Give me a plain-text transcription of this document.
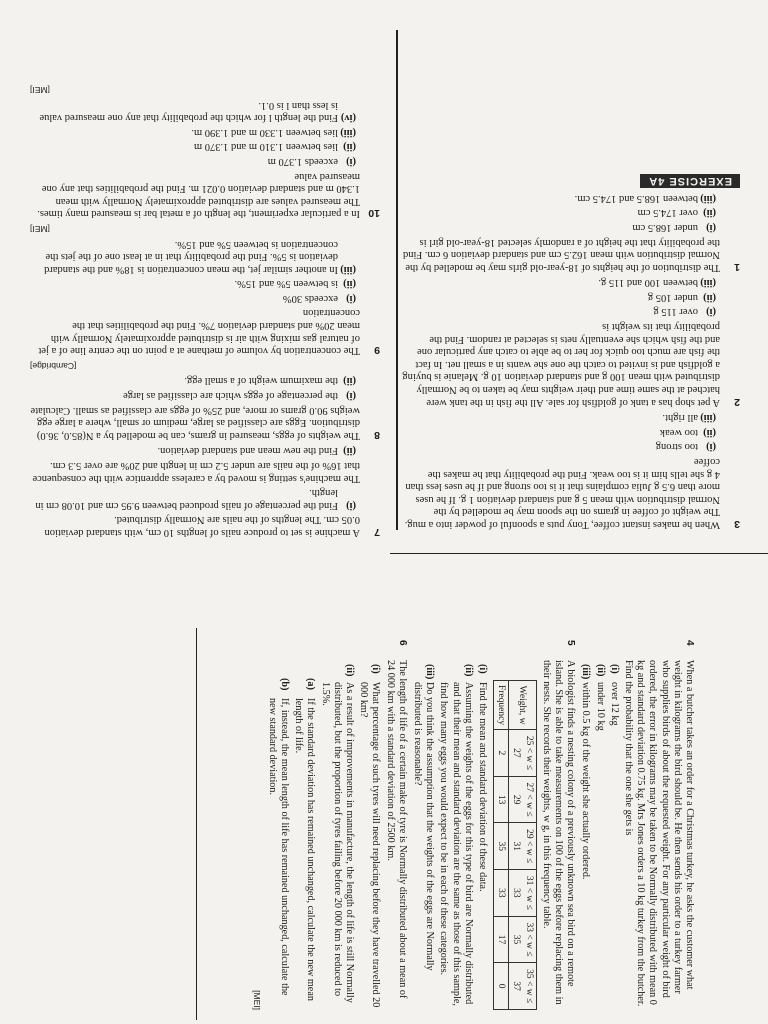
7

A machine is set to produce nails of lengths 10 cm, with standard deviation 0.05 cm. The lengths of the nails are Normally distributed.

(i)

Find the percentage of nails produced between 9.95 cm and 10.08 cm in length.

The machine's setting is moved by a careless apprentice with the consequence that 16% of the nails are under 5.2 cm in length and 20% are over 5.3 cm.

(ii)

Find the new mean and standard deviation.

8

The weights of eggs, measured in grams, can be modelled by a N(85.0, 36.0) distribution. Eggs are classified as large, medium or small, where a large egg weighs 90.0 grams or more, and 25% of eggs are classified as small. Calculate

(i)

the percentage of eggs which are classified as large

(ii)

the maximum weight of a small egg.

[Cambridge]

9

The concentration by volume of methane at a point on the centre line of a jet of natural gas mixing with air is distributed approximately Normally with mean 20% and standard deviation 7%. Find the probabilities that the concentration

(i)

exceeds 30%

(ii)

is between 5% and 15%.

(iii)

In another similar jet, the mean concentration is 18% and the standard deviation is 5%. Find the probability that in at least one of the jets the concentration is between 5% and 15%.

[MEI]

10

In a particular experiment, the length of a metal bar is measured many times. The measured values are distributed approximately Normally with mean 1.340 m and standard deviation 0.021 m. Find the probabilities that any one measured value

(i)

exceeds 1.370 m

(ii)

lies between 1.310 m and 1.370 m

(iii)

lies between 1.330 m and 1.390 m.

(iv)

Find the length l for which the probability that any one measured value is less than l is 0.1.

[MEI]

3

When he makes instant coffee, Tony puts a spoonful of powder into a mug. The weight of coffee in grams on the spoon may be modelled by the Normal distribution with mean 5 g and standard deviation 1 g. If he uses more than 6.5 g Julia complains that it is too strong and if he uses less than 4 g she tells him it is too weak. Find the probability that he makes the coffee

(i)

too strong

(ii)

too weak

(iii)

all right.

2

A pet shop has a tank of goldfish for sale. All the fish in the tank were hatched at the same time and their weights may be taken to be Normally distributed with mean 100 g and standard deviation 10 g. Melanie is buying a goldfish and is invited to catch the one she wants in a small net. In fact the fish are much too quick for her to be able to catch any particular one and the fish which she eventually nets is selected at random. Find the probability that its weight is

(i)

over 115 g

(ii)

under 105 g

(iii)

between 100 and 115 g.

1

The distribution of the heights of 18-year-old girls may be modelled by the Normal distribution with mean 162.5 cm and standard deviation 6 cm. Find the probability that the height of a randomly selected 18-year-old girl is

(i)

under 168.5 cm

(ii)

over 174.5 cm

(iii)

between 168.5 and 174.5 cm.

EXERCISE 4A
4

When a butcher takes an order for a Christmas turkey, he asks the customer what weight in kilograms the bird should be. He then sends his order to a turkey farmer who supplies birds of about the requested weight. For any particular weight of bird ordered, the error in kilograms may be taken to be Normally distributed with mean 0 kg and standard deviation 0.75 kg. Mrs Jones orders a 10 kg turkey from the butcher. Find the probability that the one she gets is

(i)

over 12 kg

(ii)

under 10 kg

(iii)

within 0.5 kg of the weight she actually ordered.

5

A biologist finds a nesting colony of a previously unknown sea bird on a remote island. She is able to take measurements on 100 of the eggs before replacing them in their nests. She records their weights, w g, in this frequency table.

Weight, w	25 < w ≤ 27	27 < w ≤ 29	29 < w ≤ 31	31 < w ≤ 33	33 < w ≤ 35	35 < w ≤ 37
Frequency	2	13	35	33	17	0
(i)

Find the mean and standard deviation of these data.

(ii)

Assuming the weights of the eggs for this type of bird are Normally distributed and that their mean and standard deviation are the same as those of this sample, find how many eggs you would expect to be in each of these categories.

(iii)

Do you think the assumption that the weights of the eggs are Normally distributed is reasonable?

6

The length of life of a certain make of tyre is Normally distributed about a mean of 24 000 km with a standard deviation of 2500 km.

(i)

What percentage of such tyres will need replacing before they have travelled 20 000 km?

(ii)

As a result of improvements in manufacture, the length of life is still Normally distributed, but the proportion of tyres failing before 20 000 km is reduced to 1.5%.

(a)

If the standard deviation has remained unchanged, calculate the new mean length of life.

(b)

If, instead, the mean length of life has remained unchanged, calculate the new standard deviation.

[MEI]
